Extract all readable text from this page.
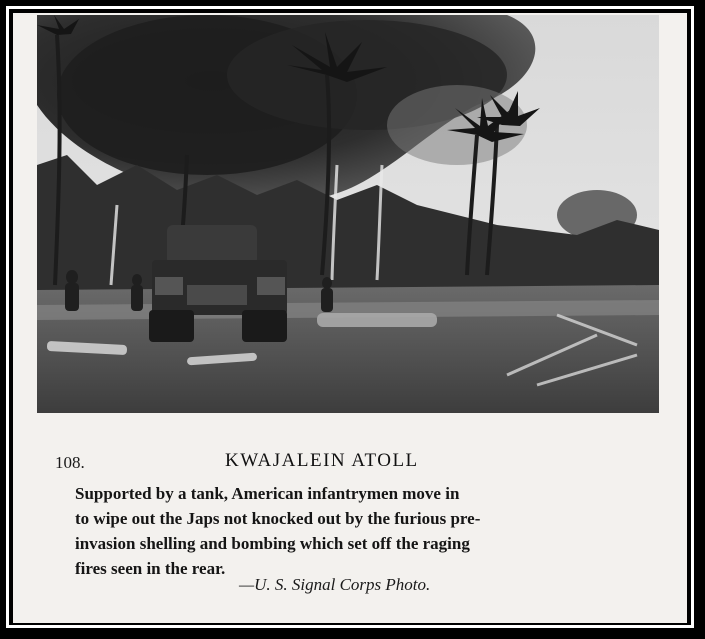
108.	KWAJALEIN ATOLL
Supported by a tank, American infantrymen move in
to wipe out the Japs not knocked out by the furious pre-
invasion shelling and bombing which set off the raging
fires seen in the rear.
—U. S. Signal Corps Photo.
